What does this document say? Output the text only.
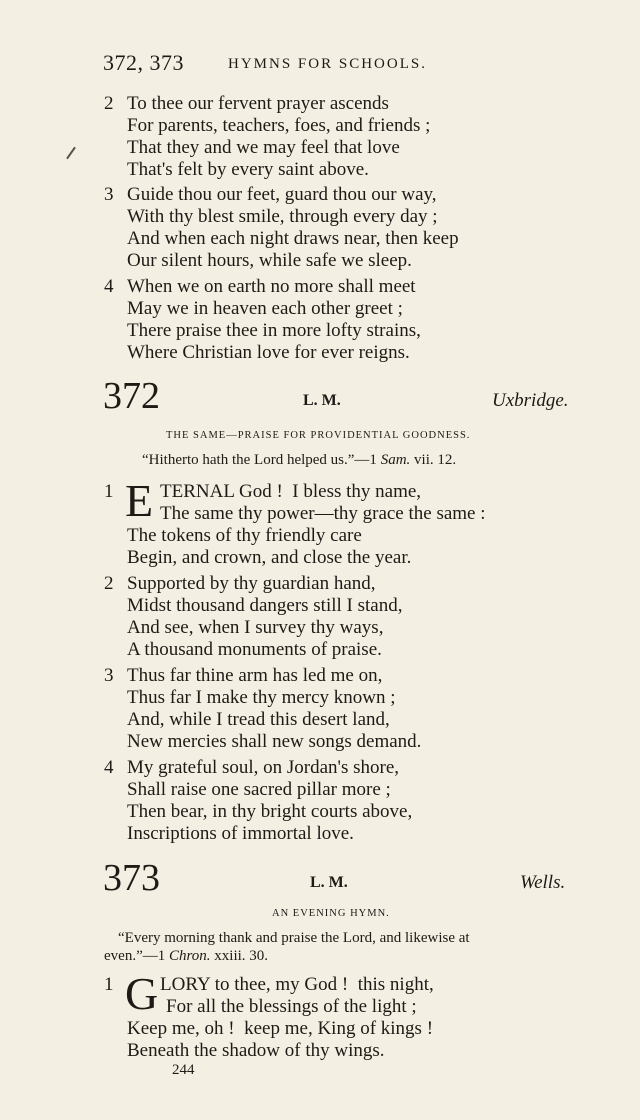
372, 373	HYMNS FOR SCHOOLS.
2 To thee our fervent prayer ascends
For parents, teachers, foes, and friends ;
That they and we may feel that love
That's felt by every saint above.
3 Guide thou our feet, guard thou our way,
With thy blest smile, through every day ;
And when each night draws near, then keep
Our silent hours, while safe we sleep.
4 When we on earth no more shall meet
May we in heaven each other greet ;
There praise thee in more lofty strains,
Where Christian love for ever reigns.
372	L. M.	Uxbridge.
THE SAME—PRAISE FOR PROVIDENTIAL GOODNESS.
“Hitherto hath the Lord helped us.”—1 Sam. vii. 12.
1 E TERNAL God !  I bless thy name,
The same thy power—thy grace the same :
The tokens of thy friendly care
Begin, and crown, and close the year.
2 Supported by thy guardian hand,
Midst thousand dangers still I stand,
And see, when I survey thy ways,
A thousand monuments of praise.
3 Thus far thine arm has led me on,
Thus far I make thy mercy known ;
And, while I tread this desert land,
New mercies shall new songs demand.
4 My grateful soul, on Jordan's shore,
Shall raise one sacred pillar more ;
Then bear, in thy bright courts above,
Inscriptions of immortal love.
373	L. M.	Wells.
AN EVENING HYMN.
“Every morning thank and praise the Lord, and likewise at
even.”—1 Chron. xxiii. 30.
1 G LORY to thee, my God !  this night,
For all the blessings of the light ;
Keep me, oh !  keep me, King of kings !
Beneath the shadow of thy wings.
244
